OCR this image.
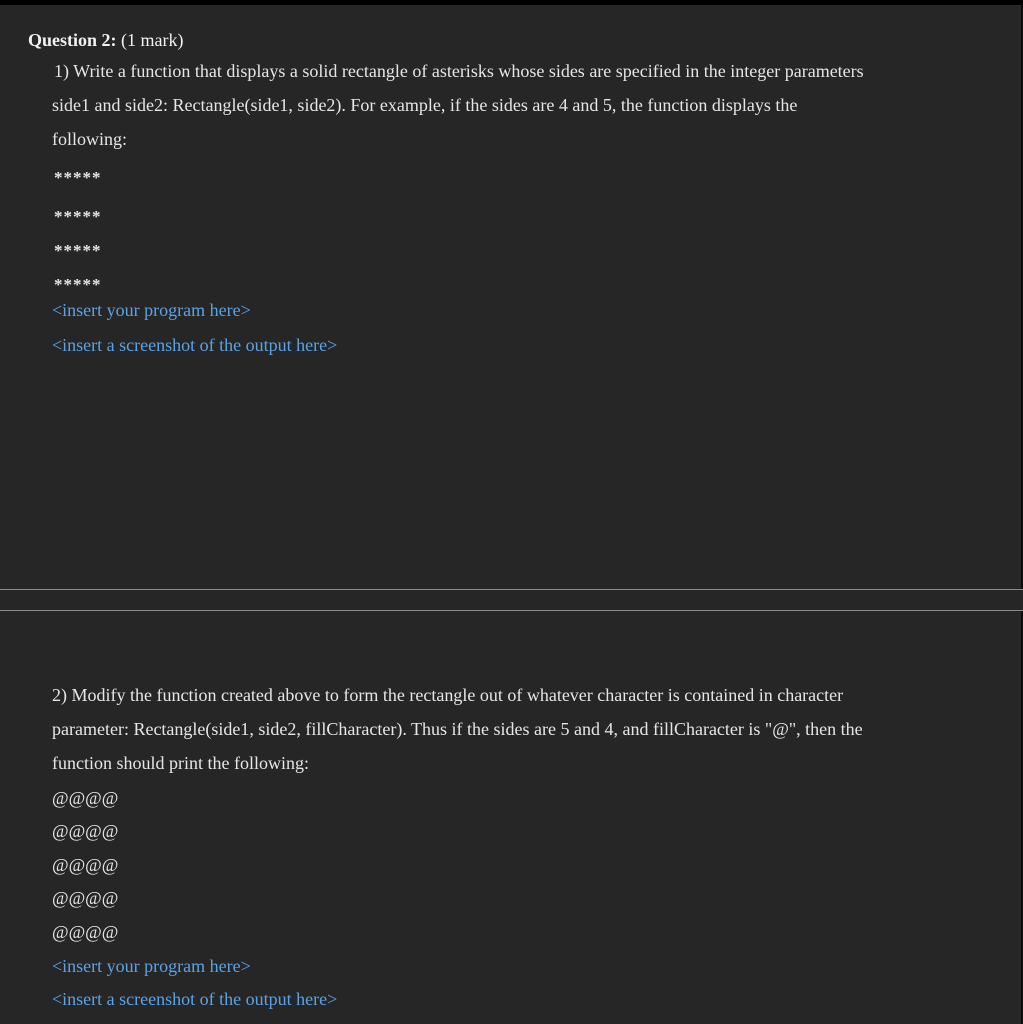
Question 2: (1 mark)
1) Write a function that displays a solid rectangle of asterisks whose sides are specified in the integer parameters
side1 and side2: Rectangle(side1, side2). For example, if the sides are 4 and 5, the function displays the
following:
*****
*****
*****
*****
<insert your program here>
<insert a screenshot of the output here>
2) Modify the function created above to form the rectangle out of whatever character is contained in character
parameter: Rectangle(side1, side2, fillCharacter). Thus if the sides are 5 and 4, and fillCharacter is "@", then the
function should print the following:
@@@@
@@@@
@@@@
@@@@
@@@@
<insert your program here>
<insert a screenshot of the output here>
